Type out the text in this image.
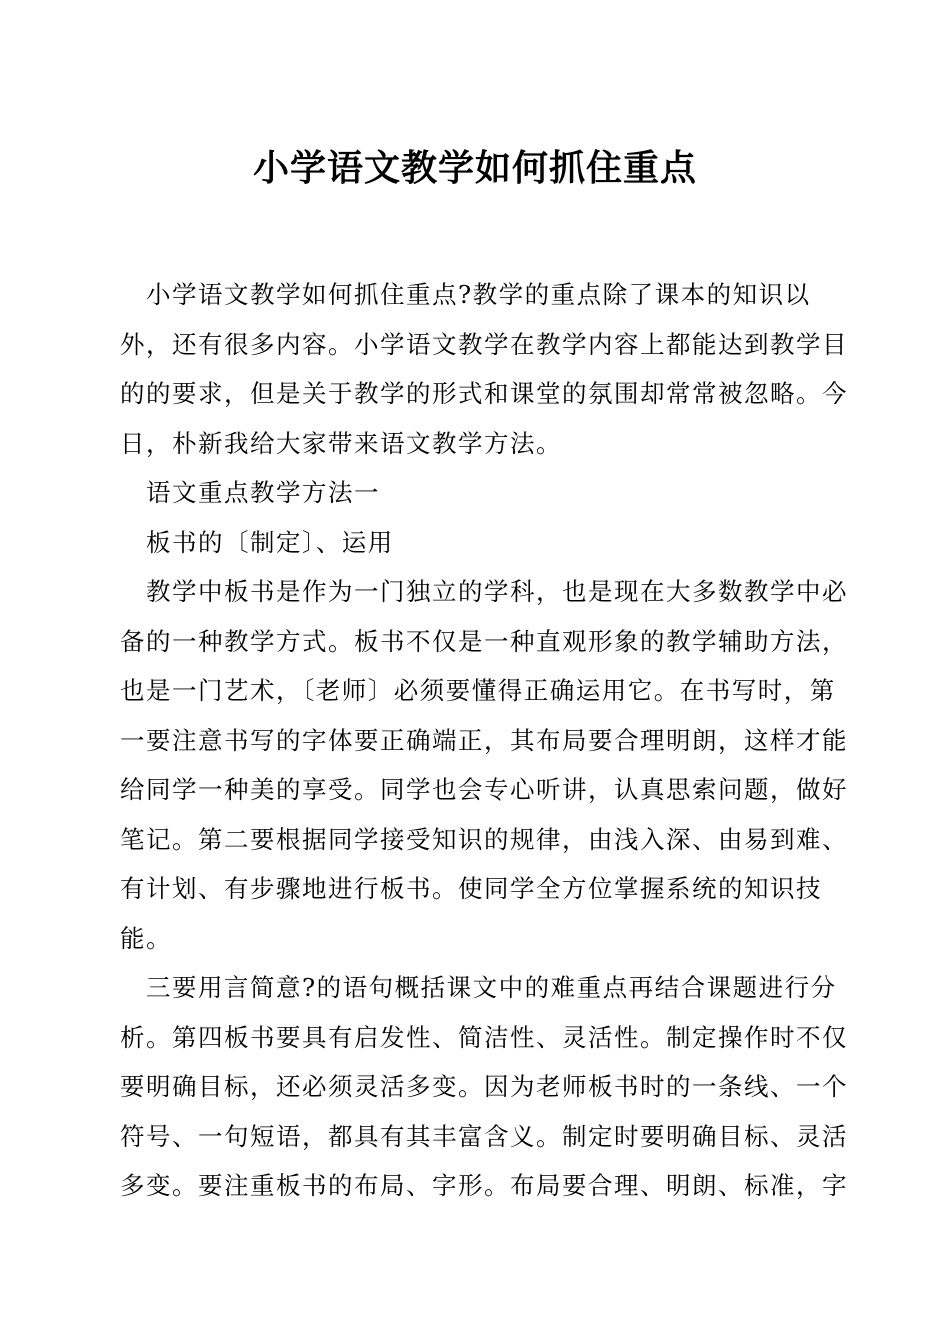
小学语文教学如何抓住重点

小学语文教学如何抓住重点?教学的重点除了课本的知识以外，还有很多内容。小学语文教学在教学内容上都能达到教学目的的要求，但是关于教学的形式和课堂的氛围却常常被忽略。今日，朴新我给大家带来语文教学方法。

语文重点教学方法一

板书的〔制定〕、运用

教学中板书是作为一门独立的学科，也是现在大多数教学中必备的一种教学方式。板书不仅是一种直观形象的教学辅助方法，也是一门艺术，〔老师〕必须要懂得正确运用它。在书写时，第一要注意书写的字体要正确端正，其布局要合理明朗，这样才能给同学一种美的享受。同学也会专心听讲，认真思索问题，做好笔记。第二要根据同学接受知识的规律，由浅入深、由易到难、有计划、有步骤地进行板书。使同学全方位掌握系统的知识技能。

三要用言简意?的语句概括课文中的难重点再结合课题进行分析。第四板书要具有启发性、简洁性、灵活性。制定操作时不仅要明确目标，还必须灵活多变。因为老师板书时的一条线、一个符号、一句短语，都具有其丰富含义。制定时要明确目标、灵活多变。要注重板书的布局、字形。布局要合理、明朗、标准，字
